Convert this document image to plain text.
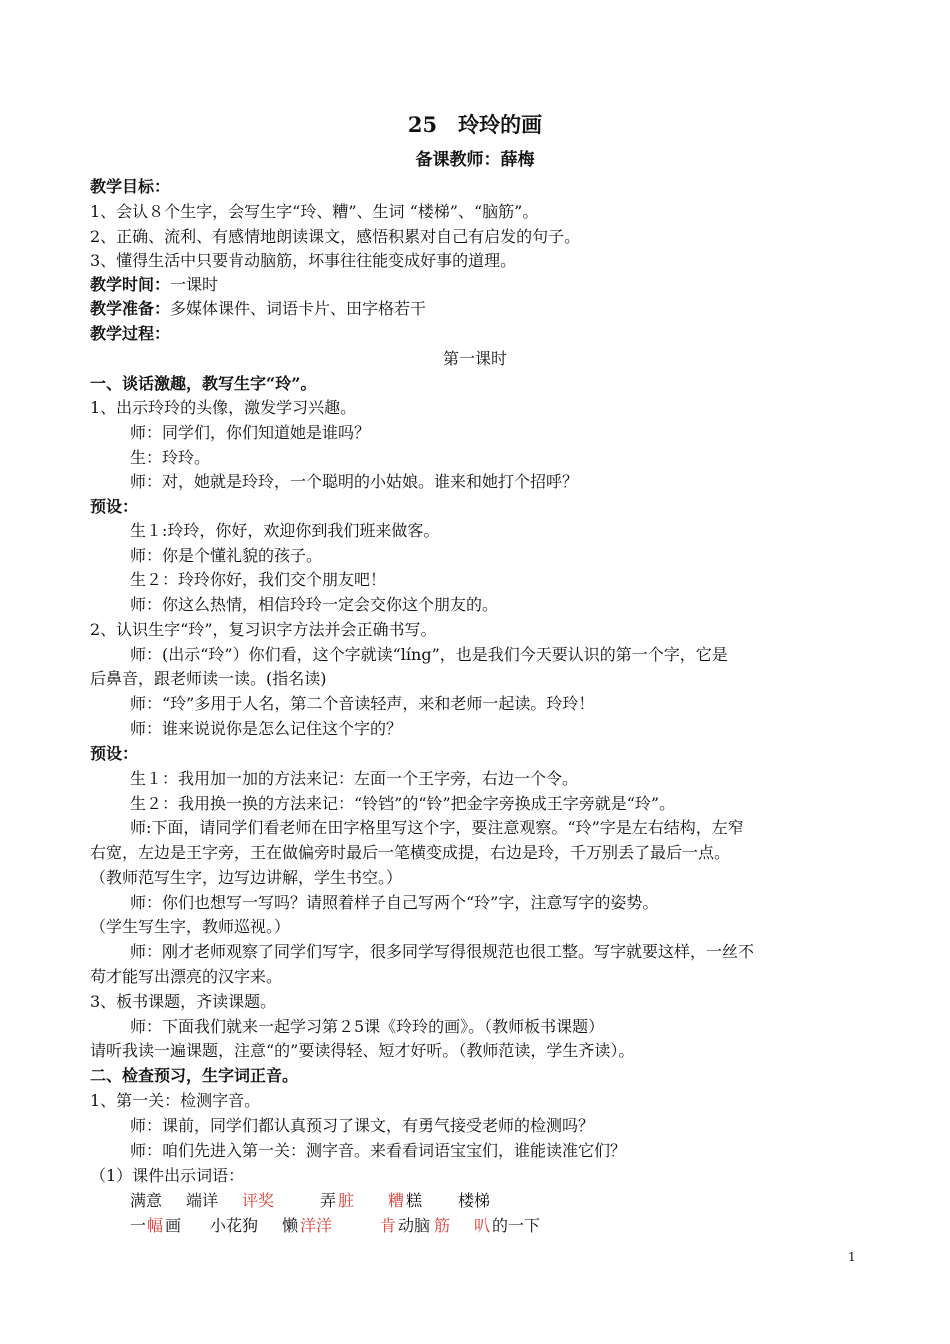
25　玲玲的画
备课教师：薛梅
教学目标：
1、会认８个生字，会写生字“玲、糟”、生词 “楼梯”、“脑筋”。
2、正确、流利、有感情地朗读课文，感悟积累对自己有启发的句子。
3、懂得生活中只要肯动脑筋，坏事往往能变成好事的道理。
教学时间：一课时
教学准备：多媒体课件、词语卡片、田字格若干
教学过程：
第一课时
一、谈话激趣，教写生字“玲”。
1、出示玲玲的头像，激发学习兴趣。
师：同学们，你们知道她是谁吗？
生：玲玲。
师：对，她就是玲玲，一个聪明的小姑娘。谁来和她打个招呼？
预设：
生１:玲玲，你好，欢迎你到我们班来做客。
师：你是个懂礼貌的孩子。
生２：玲玲你好，我们交个朋友吧！
师：你这么热情，相信玲玲一定会交你这个朋友的。
2、认识生字“玲”，复习识字方法并会正确书写。
师：(出示“玲”）你们看，这个字就读“líng”，也是我们今天要认识的第一个字，它是
后鼻音，跟老师读一读。(指名读)
师：“玲”多用于人名，第二个音读轻声，来和老师一起读。玲玲！
师：谁来说说你是怎么记住这个字的？
预设：
生１：我用加一加的方法来记：左面一个王字旁，右边一个令。
生２：我用换一换的方法来记：“铃铛”的“铃”把金字旁换成王字旁就是“玲”。
师:下面，请同学们看老师在田字格里写这个字，要注意观察。“玲”字是左右结构，左窄
右宽，左边是王字旁，王在做偏旁时最后一笔横变成提，右边是玲，千万别丢了最后一点。
（教师范写生字，边写边讲解，学生书空。）
师：你们也想写一写吗？请照着样子自己写两个“玲”字，注意写字的姿势。
（学生写生字，教师巡视。）
师：刚才老师观察了同学们写字，很多同学写得很规范也很工整。写字就要这样，一丝不
苟才能写出漂亮的汉字来。
3、板书课题，齐读课题。
师：下面我们就来一起学习第２5课《玲玲的画》。（教师板书课题）
请听我读一遍课题，注意“的”要读得轻、短才好听。（教师范读，学生齐读）。
二、检查预习，生字词正音。
1、第一关：检测字音。
师：课前，同学们都认真预习了课文，有勇气接受老师的检测吗？
师：咱们先进入第一关：测字音。来看看词语宝宝们，谁能读准它们？
（1）课件出示词语：
满意 端详 评奖	弄 脏 糟 糕 楼梯
一 幅 画 小花狗 懒 洋洋	肯 动脑 筋 叭 的一下
1
